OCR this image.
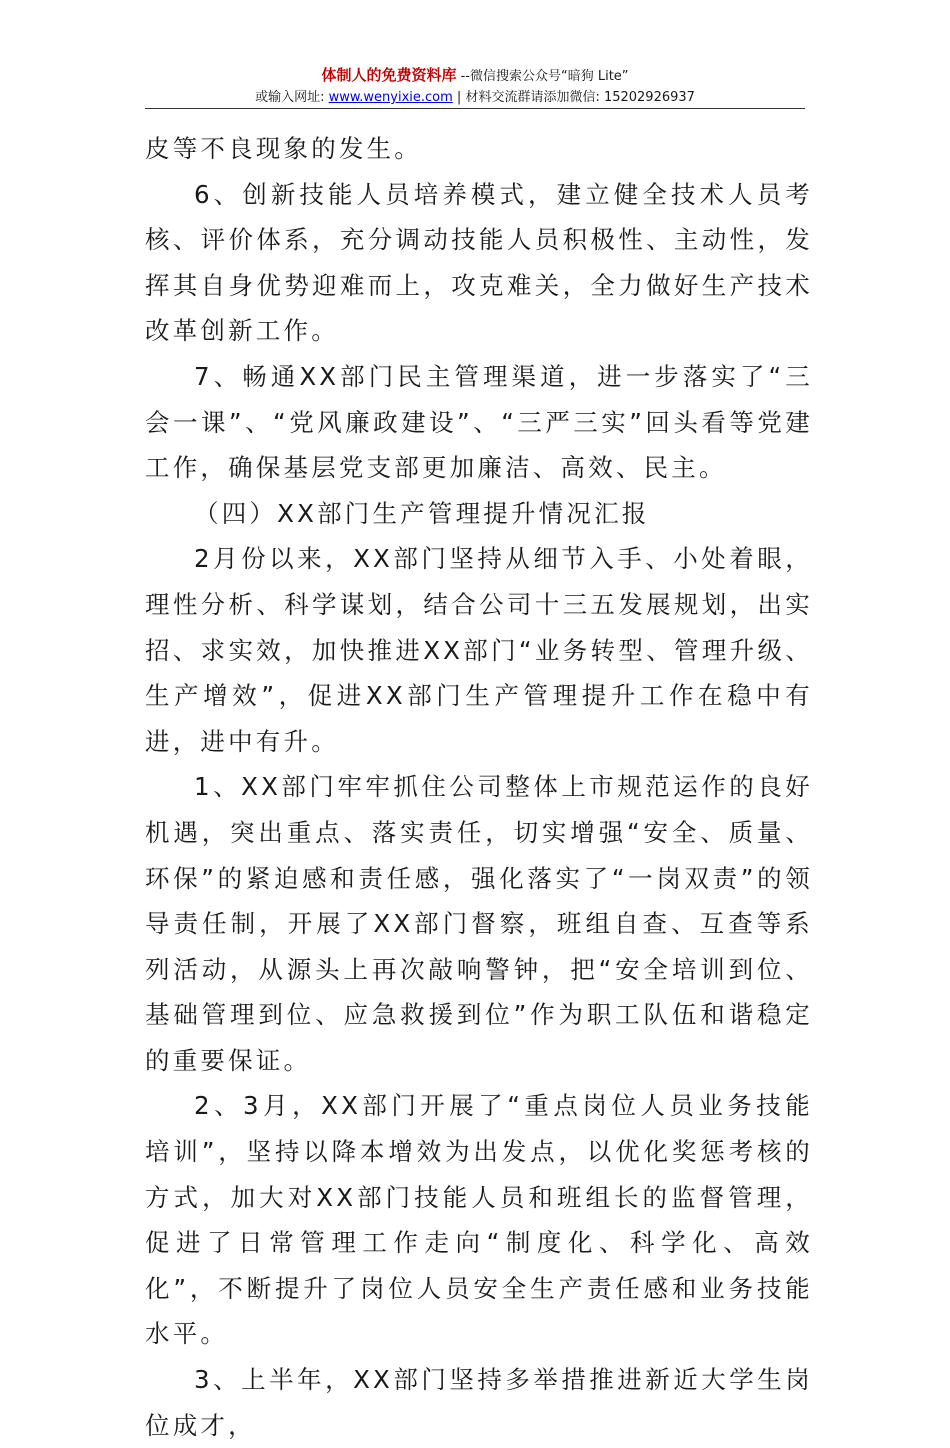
体制人的免费资料库 --微信搜索公众号“暗狗 Lite”
或输入网址: www.wenyixie.com | 材料交流群请添加微信: 15202926937

皮等不良现象的发生。

6、创新技能人员培养模式，建立健全技术人员考核、评价体系，充分调动技能人员积极性、主动性，发挥其自身优势迎难而上，攻克难关，全力做好生产技术改革创新工作。

7、畅通XX部门民主管理渠道，进一步落实了“三会一课”、“党风廉政建设”、“三严三实”回头看等党建工作，确保基层党支部更加廉洁、高效、民主。

（四）XX部门生产管理提升情况汇报

2月份以来，XX部门坚持从细节入手、小处着眼，理性分析、科学谋划，结合公司十三五发展规划，出实招、求实效，加快推进XX部门“业务转型、管理升级、生产增效”，促进XX部门生产管理提升工作在稳中有进，进中有升。

1、XX部门牢牢抓住公司整体上市规范运作的良好机遇，突出重点、落实责任，切实增强“安全、质量、环保”的紧迫感和责任感，强化落实了“一岗双责”的领导责任制，开展了XX部门督察，班组自查、互查等系列活动，从源头上再次敲响警钟，把“安全培训到位、基础管理到位、应急救援到位”作为职工队伍和谐稳定的重要保证。

2、3月，XX部门开展了“重点岗位人员业务技能培训”，坚持以降本增效为出发点，以优化奖惩考核的方式，加大对XX部门技能人员和班组长的监督管理，促进了日常管理工作走向“制度化、科学化、高效化”，不断提升了岗位人员安全生产责任感和业务技能水平。

3、上半年，XX部门坚持多举措推进新近大学生岗位成才，
